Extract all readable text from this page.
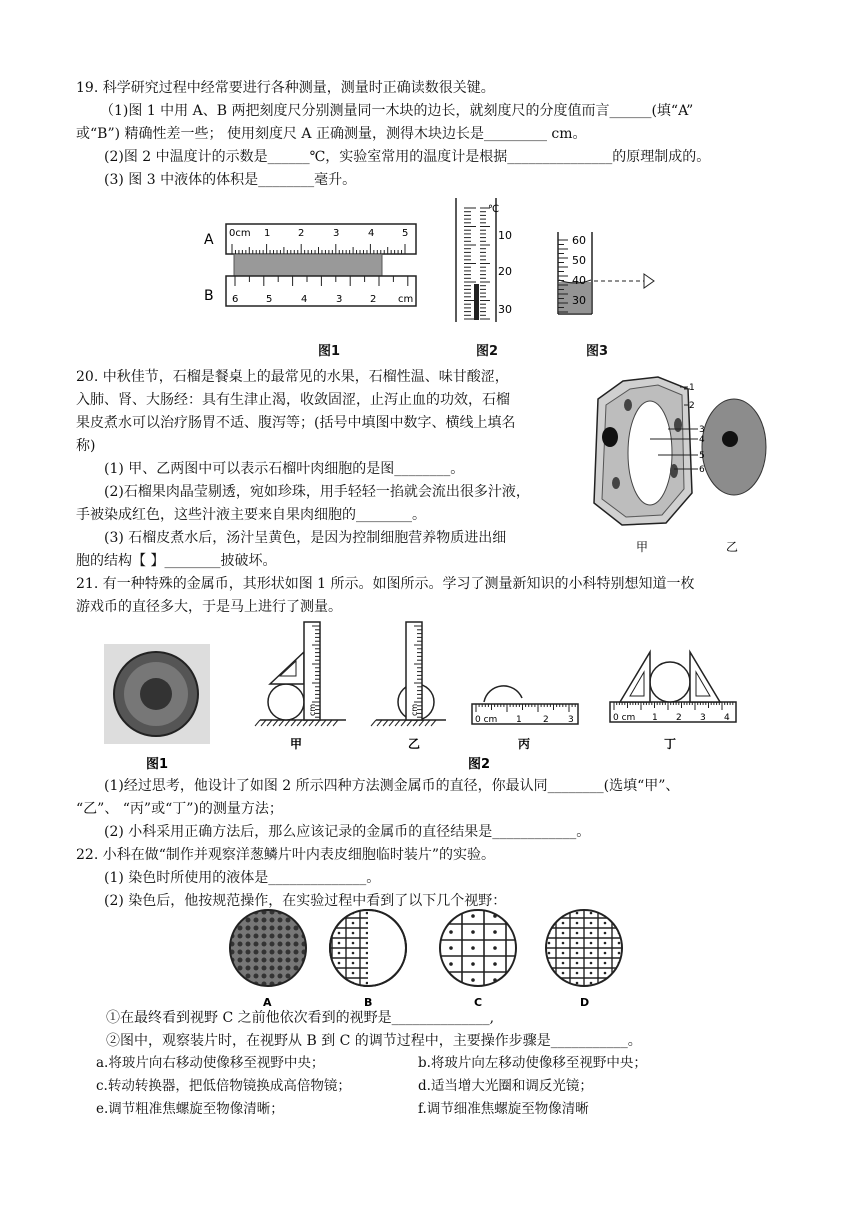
19. 科学研究过程中经常要进行各种测量，测量时正确读数很关键。
（1)图 1 中用 A、B 两把刻度尺分别测量同一木块的边长，就刻度尺的分度值而言______(填“A”
或“B”) 精确性差一些； 使用刻度尺 A 正确测量，测得木块边长是_________ cm。
(2)图 2 中温度计的示数是______℃，实验室常用的温度计是根据_______________的原理制成的。
(3) 图 3 中液体的体积是________毫升。
A
B
0cm 1	2	3	4	5
6	5	4	3	2 cm
图1
℃
10
20
30
图2
60
50
40
30
图3
20. 中秋佳节，石榴是餐桌上的最常见的水果，石榴性温、味甘酸涩，
入肺、肾、大肠经：具有生津止渴，收敛固涩，止泻止血的功效，石榴
果皮煮水可以治疗肠胃不适、腹泻等；(括号中填图中数字、横线上填名
称)
(1) 甲、乙两图中可以表示石榴叶肉细胞的是图________。
(2)石榴果肉晶莹剔透，宛如珍珠，用手轻轻一掐就会流出很多汁液，
手被染成红色，这些汁液主要来自果肉细胞的________。
(3) 石榴皮煮水后，汤汁呈黄色，是因为控制细胞营养物质进出细
胞的结构【 】________披破坏。
1
2
3
4
5
6
甲	乙
21. 有一种特殊的金属币，其形状如图 1 所示。如图所示。学习了测量新知识的小科特别想知道一枚
游戏币的直径多大，于是马上进行了测量。
cm	cm
0 cm 1 2 3	0 cm 1 2 3 4
甲	乙	丙	丁
图1	图2
(1)经过思考，他设计了如图 2 所示四种方法测金属币的直径，你最认同________(选填“甲”、
“乙”、 “丙”或“丁”)的测量方法；
(2) 小科采用正确方法后，那么应该记录的金属币的直径结果是____________。
22. 小科在做“制作并观察洋葱鳞片叶内表皮细胞临时装片”的实验。
(1) 染色时所使用的液体是______________。
(2) 染色后，他按规范操作，在实验过程中看到了以下几个视野：
A	B	C	D
①在最终看到视野 C 之前他依次看到的视野是______________,
②图中，观察装片时，在视野从 B 到 C 的调节过程中，主要操作步骤是___________。
a.将玻片向右移动使像移至视野中央；	b.将玻片向左移动使像移至视野中央；
c.转动转换器，把低倍物镜换成高倍物镜；	d.适当增大光圈和调反光镜；
e.调节粗准焦螺旋至物像清晰；	f.调节细准焦螺旋至物像清晰
